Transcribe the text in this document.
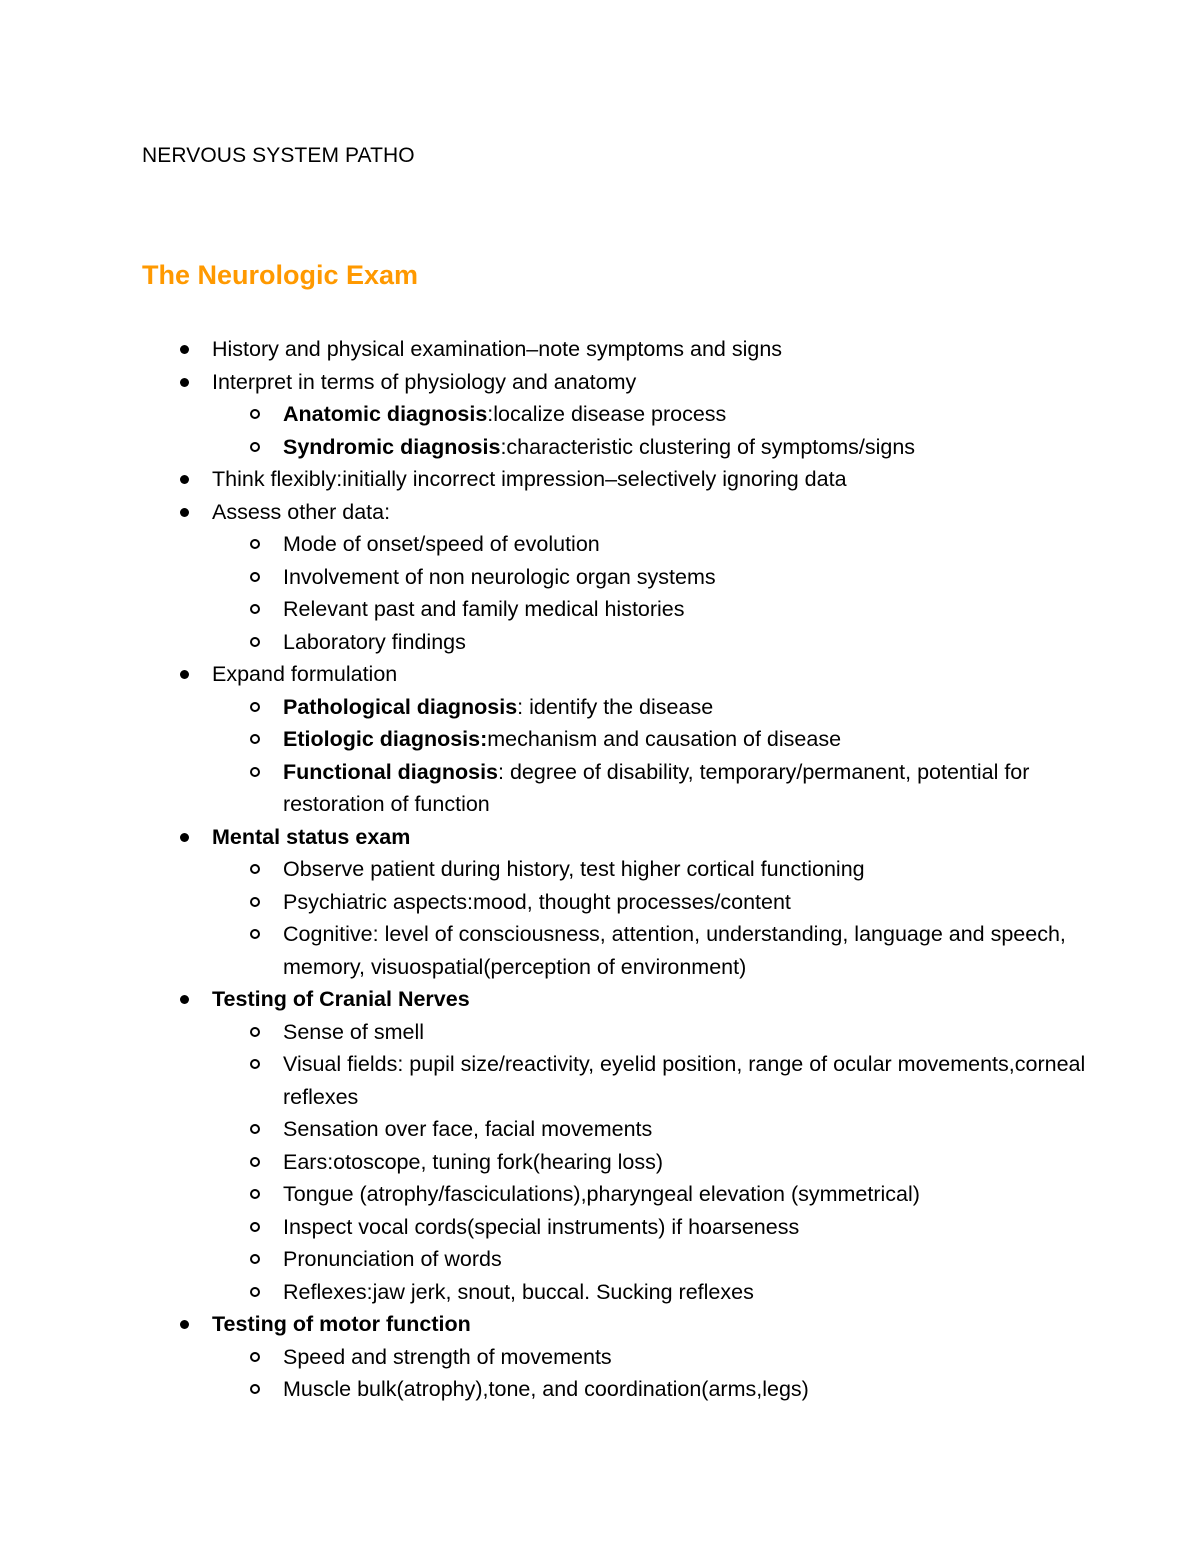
NERVOUS SYSTEM PATHO
The Neurologic Exam
History and physical examination–note symptoms and signs
Interpret in terms of physiology and anatomy
Anatomic diagnosis:localize disease process
Syndromic diagnosis:characteristic clustering of symptoms/signs
Think flexibly:initially incorrect impression–selectively ignoring data
Assess other data:
Mode of onset/speed of evolution
Involvement of non neurologic organ systems
Relevant past and family medical histories
Laboratory findings
Expand formulation
Pathological diagnosis: identify the disease
Etiologic diagnosis:mechanism and causation of disease
Functional diagnosis: degree of disability, temporary/permanent, potential for restoration of function
Mental status exam
Observe patient during history, test higher cortical functioning
Psychiatric aspects:mood, thought processes/content
Cognitive: level of consciousness, attention, understanding, language and speech, memory, visuospatial(perception of environment)
Testing of Cranial Nerves
Sense of smell
Visual fields: pupil size/reactivity, eyelid position, range of ocular movements,corneal reflexes
Sensation over face, facial movements
Ears:otoscope, tuning fork(hearing loss)
Tongue (atrophy/fasciculations),pharyngeal elevation (symmetrical)
Inspect vocal cords(special instruments) if hoarseness
Pronunciation of words
Reflexes:jaw jerk, snout, buccal. Sucking reflexes
Testing of motor function
Speed and strength of movements
Muscle bulk(atrophy),tone, and coordination(arms,legs)
